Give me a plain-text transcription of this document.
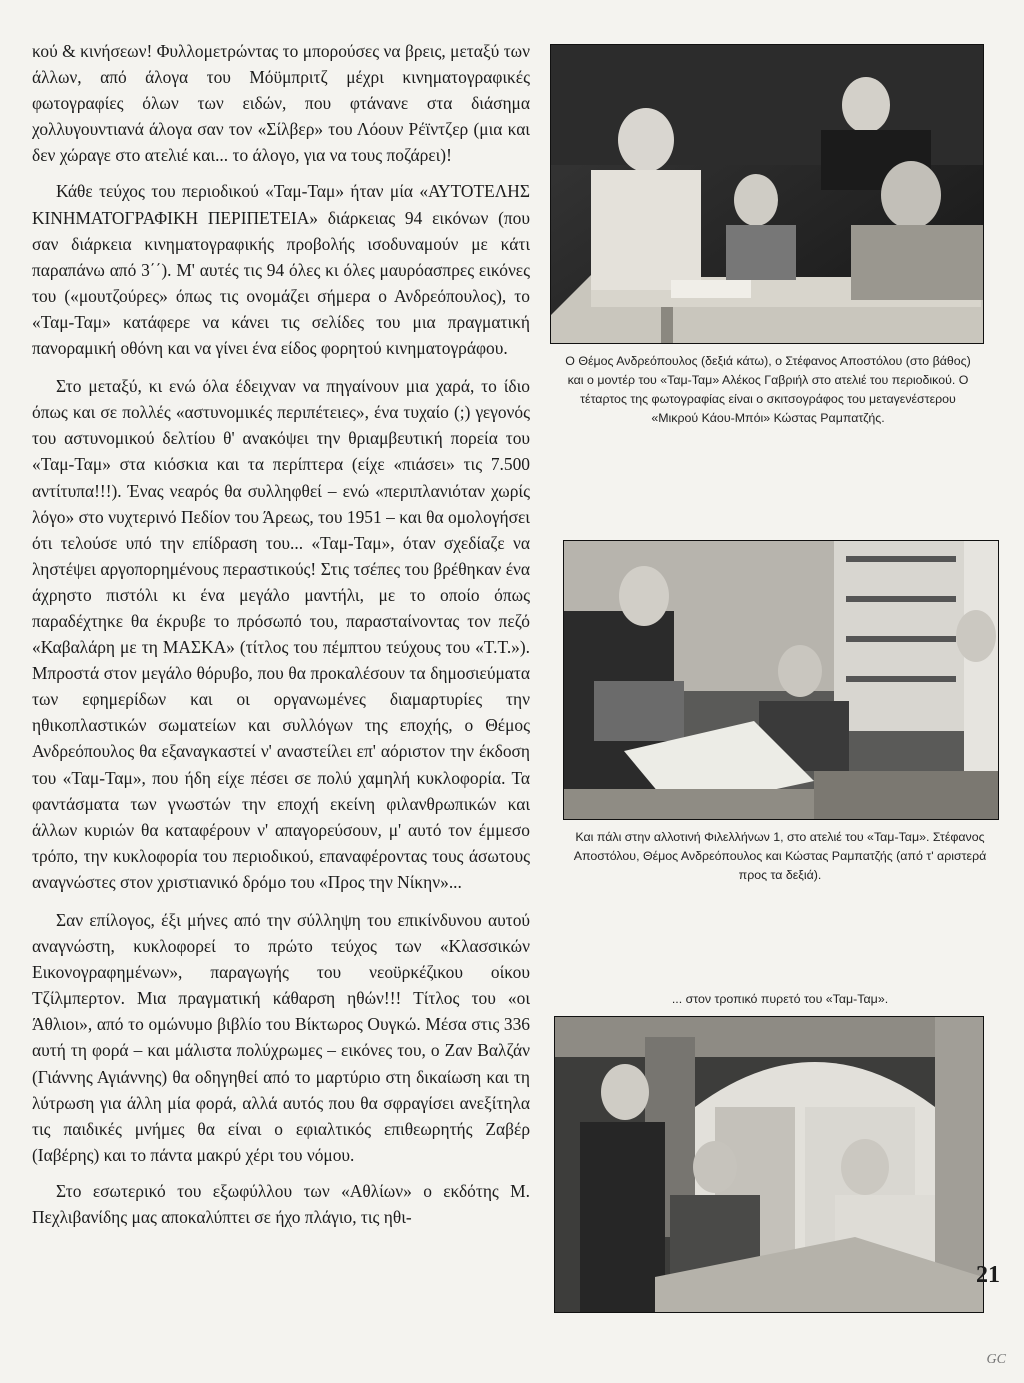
κού & κινήσεων! Φυλλομετρώντας το μπορούσες να βρεις, μεταξύ των άλλων, από άλογα του Μόϋμπριτζ μέχρι κινηματογραφικές φωτογραφίες όλων των ειδών, που φτάνανε στα διάσημα χολλυγουντιανά άλογα σαν τον «Σίλβερ» του Λόουν Ρέϊντζερ (μια και δεν χώραγε στο ατελιέ και... το άλογο, για να τους ποζάρει)!

Κάθε τεύχος του περιοδικού «Ταμ-Ταμ» ήταν μία «ΑΥΤΟΤΕΛΗΣ ΚΙΝΗΜΑΤΟΓΡΑΦΙΚΗ ΠΕΡΙΠΕΤΕΙΑ» διάρκειας 94 εικόνων (που σαν διάρκεια κινηματογραφικής προβολής ισοδυναμούν με κάτι παραπάνω από 3΄΄). Μ' αυτές τις 94 όλες κι όλες μαυρόασπρες εικόνες του («μουτζούρες» όπως τις ονομάζει σήμερα ο Ανδρεόπουλος), το «Ταμ-Ταμ» κατάφερε να κάνει τις σελίδες του μια πραγματική πανοραμική οθόνη και να γίνει ένα είδος φορητού κινηματογράφου.

Στο μεταξύ, κι ενώ όλα έδειχναν να πηγαίνουν μια χαρά, το ίδιο όπως και σε πολλές «αστυνομικές περιπέτειες», ένα τυχαίο (;) γεγονός του αστυνομικού δελτίου θ' ανακόψει την θριαμβευτική πορεία του «Ταμ-Ταμ» στα κιόσκια και τα περίπτερα (είχε «πιάσει» τις 7.500 αντίτυπα!!!). Ένας νεαρός θα συλληφθεί – ενώ «περιπλανιόταν χωρίς λόγο» στο νυχτερινό Πεδίον του Άρεως, του 1951 – και θα ομολογήσει ότι τελούσε υπό την επίδραση του... «Ταμ-Ταμ», όταν σχεδίαζε να ληστέψει αργοπορημένους περαστικούς! Στις τσέπες του βρέθηκαν ένα άχρηστο πιστόλι κι ένα μεγάλο μαντήλι, με το οποίο όπως παραδέχτηκε θα έκρυβε το πρόσωπό του, παρασταίνοντας τον πεζό «Καβαλάρη με τη ΜΑΣΚΑ» (τίτλος του πέμπτου τεύχους του «Τ.Τ.»). Μπροστά στον μεγάλο θόρυβο, που θα προκαλέσουν τα δημοσιεύματα των εφημερίδων και οι οργανωμένες διαμαρτυρίες την ηθικοπλαστικών σωματείων και συλλόγων της εποχής, ο Θέμος Ανδρεόπουλος θα εξαναγκαστεί ν' αναστείλει επ' αόριστον την έκδοση του «Ταμ-Ταμ», που ήδη είχε πέσει σε πολύ χαμηλή κυκλοφορία. Τα φαντάσματα των γνωστών την εποχή εκείνη φιλανθρωπικών και άλλων κυριών θα καταφέρουν ν' απαγορεύσουν, μ' αυτό τον έμμεσο τρόπο, την κυκλοφορία του περιοδικού, επαναφέροντας τους άσωτους αναγνώστες στον χριστιανικό δρόμο του «Προς την Νίκην»...

Σαν επίλογος, έξι μήνες από την σύλληψη του επικίνδυνου αυτού αναγνώστη, κυκλοφορεί το πρώτο τεύχος των «Κλασσικών Εικονογραφημένων», παραγωγής του νεοϋρκέζικου οίκου Τζίλμπερτον. Μια πραγματική κάθαρση ηθών!!! Τίτλος του «οι Άθλιοι», από το ομώνυμο βιβλίο του Βίκτωρος Ουγκώ. Μέσα στις 336 αυτή τη φορά – και μάλιστα πολύχρωμες – εικόνες του, ο Ζαν Βαλζάν (Γιάννης Αγιάννης) θα οδηγηθεί από το μαρτύριο στη δικαίωση και τη λύτρωση για άλλη μία φορά, αλλά αυτός που θα σφραγίσει ανεξίτηλα τις παιδικές μνήμες θα είναι ο εφιαλτικός επιθεωρητής Ζαβέρ (Ιαβέρης) και το πάντα μακρύ χέρι του νόμου.

Στο εσωτερικό του εξωφύλλου των «Αθλίων» ο εκδότης Μ. Πεχλιβανίδης μας αποκαλύπτει σε ήχο πλάγιο, τις ηθι-

Ο Θέμος Ανδρεόπουλος (δεξιά κάτω), ο Στέφανος Αποστόλου (στο βάθος) και ο μοντέρ του «Ταμ-Ταμ» Αλέκος Γαβριήλ στο ατελιέ του περιοδικού. Ο τέταρτος της φωτογραφίας είναι ο σκιτσογράφος του μεταγενέστερου «Μικρού Κάου-Μπόι» Κώστας Ραμπατζής.
Και πάλι στην αλλοτινή Φιλελλήνων 1, στο ατελιέ του «Ταμ-Ταμ». Στέφανος Αποστόλου, Θέμος Ανδρεόπουλος και Κώστας Ραμπατζής (από τ' αριστερά προς τα δεξιά).
... στον τροπικό πυρετό του «Ταμ-Ταμ».
21
GC
